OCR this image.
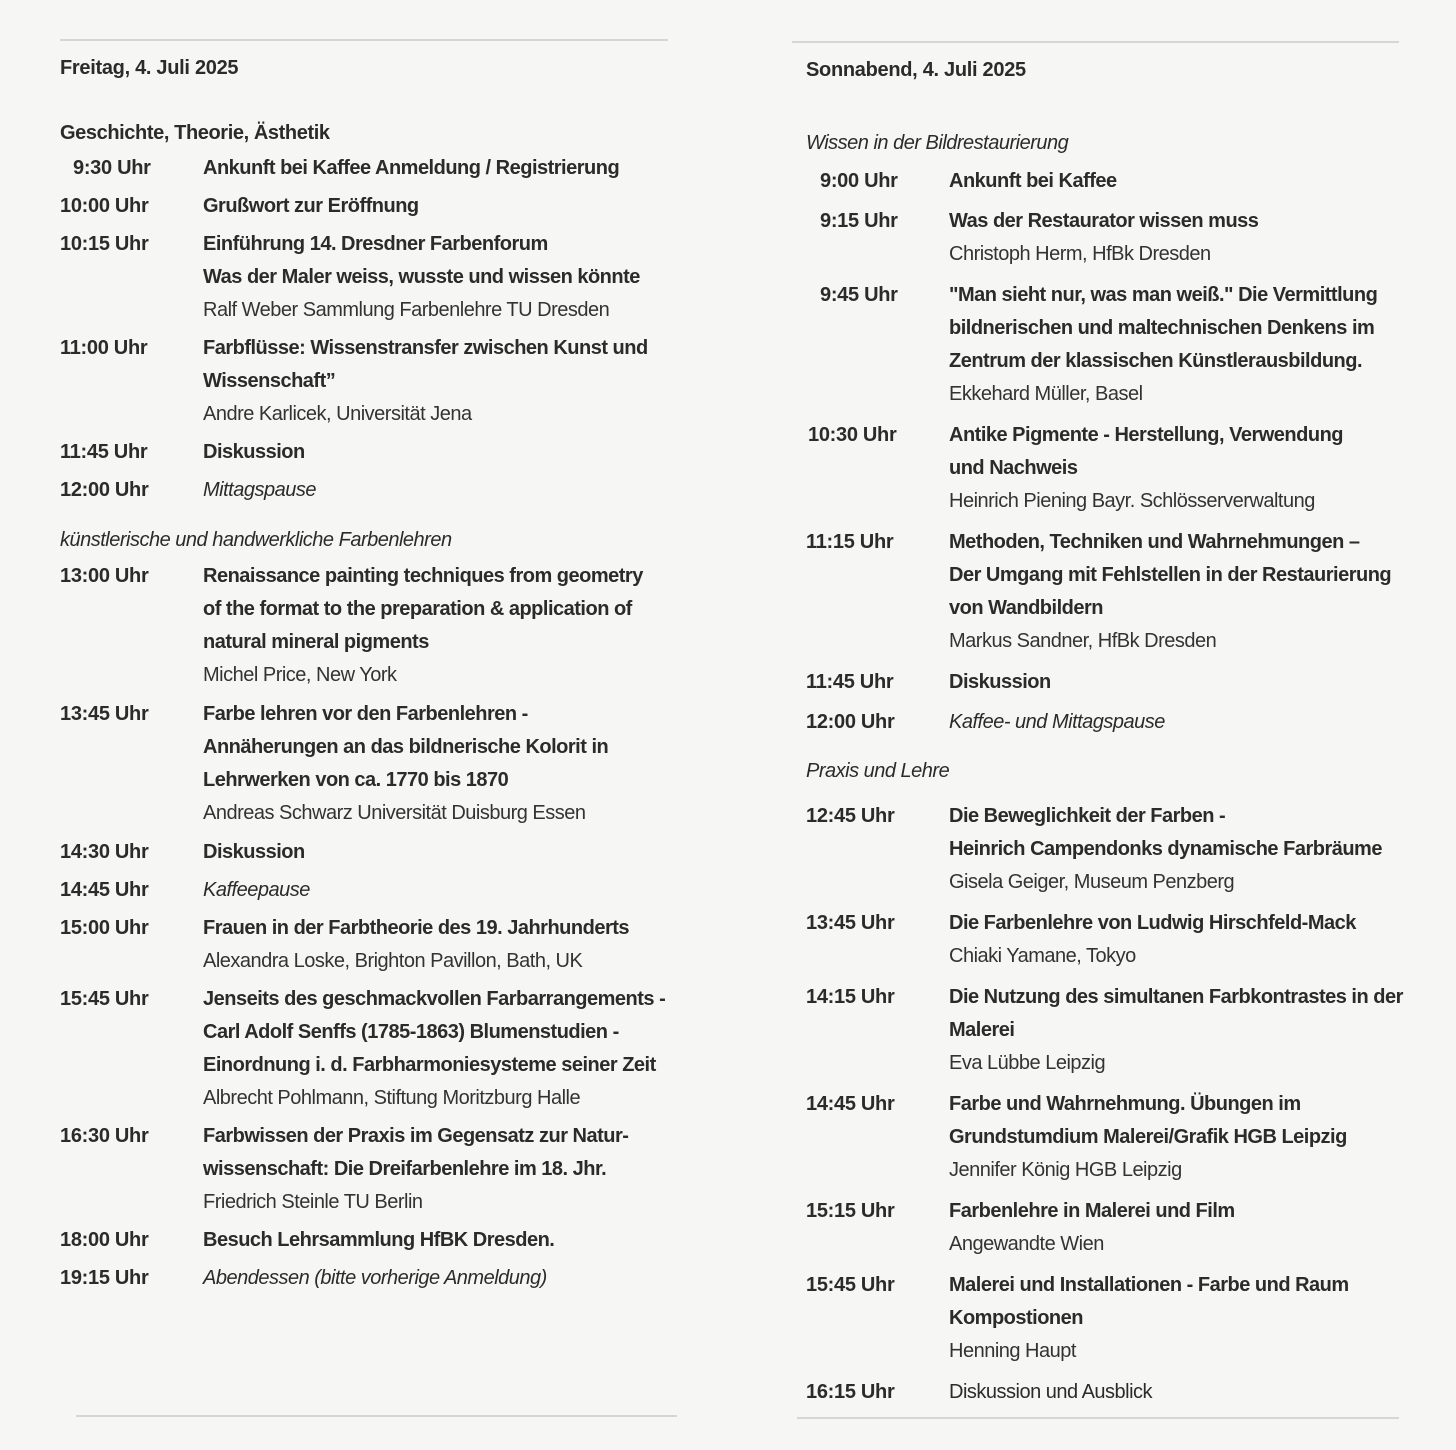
Freitag, 4. Juli 2025
Geschichte, Theorie, Ästhetik
9:30 Uhr	Ankunft bei Kaffee Anmeldung / Registrierung
10:00 Uhr	Grußwort zur Eröffnung
10:15 Uhr	Einführung 14. Dresdner Farbenforum
Was der Maler weiss, wusste und wissen könnte
Ralf Weber Sammlung Farbenlehre TU Dresden
11:00 Uhr	Farbflüsse: Wissenstransfer zwischen Kunst und
Wissenschaft”
Andre Karlicek, Universität Jena
11:45 Uhr	Diskussion
12:00 Uhr	Mittagspause
künstlerische und handwerkliche Farbenlehren
13:00 Uhr	Renaissance painting techniques from geometry
of the format to the preparation & application of
natural mineral pigments
Michel Price, New York
13:45 Uhr	Farbe lehren vor den Farbenlehren -
Annäherungen an das bildnerische Kolorit in
Lehrwerken von ca. 1770 bis 1870
Andreas Schwarz Universität Duisburg Essen
14:30 Uhr	Diskussion
14:45 Uhr	Kaffeepause
15:00 Uhr	Frauen in der Farbtheorie des 19. Jahrhunderts
Alexandra Loske, Brighton Pavillon, Bath, UK
15:45 Uhr	Jenseits des geschmackvollen Farbarrangements -
Carl Adolf Senffs (1785-1863) Blumenstudien -
Einordnung i. d. Farbharmoniesysteme seiner Zeit
Albrecht Pohlmann, Stiftung Moritzburg Halle
16:30 Uhr	Farbwissen der Praxis im Gegensatz zur Natur-
wissenschaft: Die Dreifarbenlehre im 18. Jhr.
Friedrich Steinle TU Berlin
18:00 Uhr	Besuch Lehrsammlung HfBK Dresden.
19:15 Uhr	Abendessen (bitte vorherige Anmeldung)
Sonnabend, 4. Juli 2025
Wissen in der Bildrestaurierung
9:00 Uhr	Ankunft bei Kaffee
9:15 Uhr	Was der Restaurator wissen muss
Christoph Herm, HfBk Dresden
9:45 Uhr	"Man sieht nur, was man weiß." Die Vermittlung
bildnerischen und maltechnischen Denkens im
Zentrum der klassischen Künstlerausbildung.
Ekkehard Müller, Basel
10:30 Uhr	Antike Pigmente - Herstellung, Verwendung
und Nachweis
Heinrich Piening Bayr. Schlösserverwaltung
11:15 Uhr	Methoden, Techniken und Wahrnehmungen –
Der Umgang mit Fehlstellen in der Restaurierung
von Wandbildern
Markus Sandner, HfBk Dresden
11:45 Uhr	Diskussion
12:00 Uhr	Kaffee- und Mittagspause
Praxis und Lehre
12:45 Uhr	Die Beweglichkeit der Farben -
Heinrich Campendonks dynamische Farbräume
Gisela Geiger, Museum Penzberg
13:45 Uhr	Die Farbenlehre von Ludwig Hirschfeld-Mack
Chiaki Yamane, Tokyo
14:15 Uhr	Die Nutzung des simultanen Farbkontrastes in der
Malerei
Eva Lübbe Leipzig
14:45 Uhr	Farbe und Wahrnehmung. Übungen im
Grundstumdium Malerei/Grafik HGB Leipzig
Jennifer König HGB Leipzig
15:15 Uhr	Farbenlehre in Malerei und Film
Angewandte Wien
15:45 Uhr	Malerei und Installationen - Farbe und Raum
Kompostionen
Henning Haupt
16:15 Uhr	Diskussion und Ausblick
